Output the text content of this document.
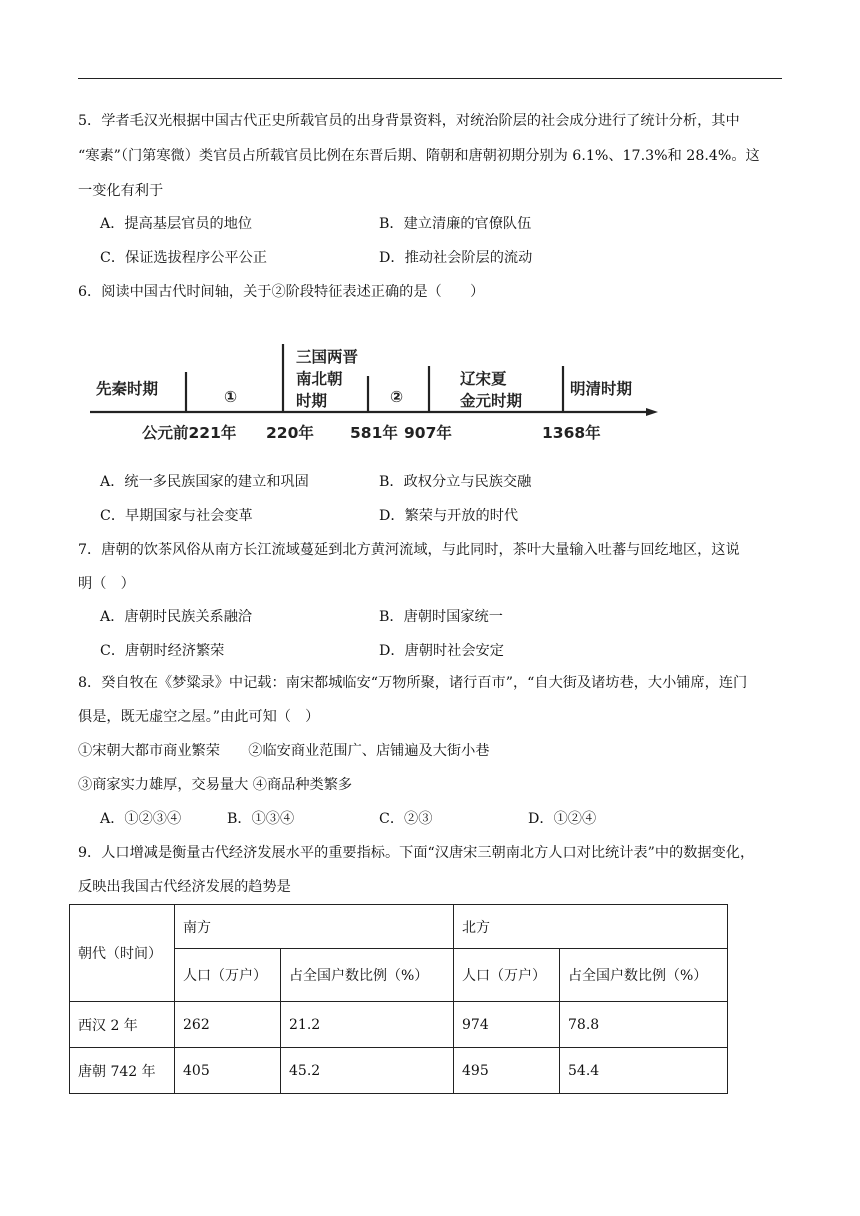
5．学者毛汉光根据中国古代正史所载官员的出身背景资料，对统治阶层的社会成分进行了统计分析，其中
“寒素”（门第寒微）类官员占所载官员比例在东晋后期、隋朝和唐朝初期分别为 6.1%、17.3%和 28.4%。这
一变化有利于
A．提高基层官员的地位	B．建立清廉的官僚队伍
C．保证选拔程序公平公正	D．推动社会阶层的流动
6．阅读中国古代时间轴，关于②阶段特征表述正确的是（　　）
先秦时期	①
三国两晋
南北朝
时期	②
辽宋夏
金元时期
明清时期
公元前221年 220年 581年 907年	1368年
A．统一多民族国家的建立和巩固	B．政权分立与民族交融
C．早期国家与社会变革	D．繁荣与开放的时代
7．唐朝的饮茶风俗从南方长江流域蔓延到北方黄河流域，与此同时，茶叶大量输入吐蕃与回纥地区，这说
明（　）
A．唐朝时民族关系融洽	B．唐朝时国家统一
C．唐朝时经济繁荣	D．唐朝时社会安定
8．癸自牧在《梦粱录》中记载：南宋都城临安“万物所聚，诸行百市”，“自大街及诸坊巷，大小铺席，连门
俱是，既无虚空之屋。”由此可知（　）
①宋朝大都市商业繁荣　　②临安商业范围广、店铺遍及大街小巷
③商家实力雄厚，交易量大 ④商品种类繁多
A．①②③④	B．①③④	C．②③	D．①②④
9．人口增减是衡量古代经济发展水平的重要指标。下面“汉唐宋三朝南北方人口对比统计表”中的数据变化，
反映出我国古代经济发展的趋势是
朝代（时间）	南方		北方	
	人口（万户）	占全国户数比例（%）	人口（万户）	占全国户数比例（%）
西汉 2 年	262	21.2	974	78.8
唐朝 742 年	405	45.2	495	54.4
